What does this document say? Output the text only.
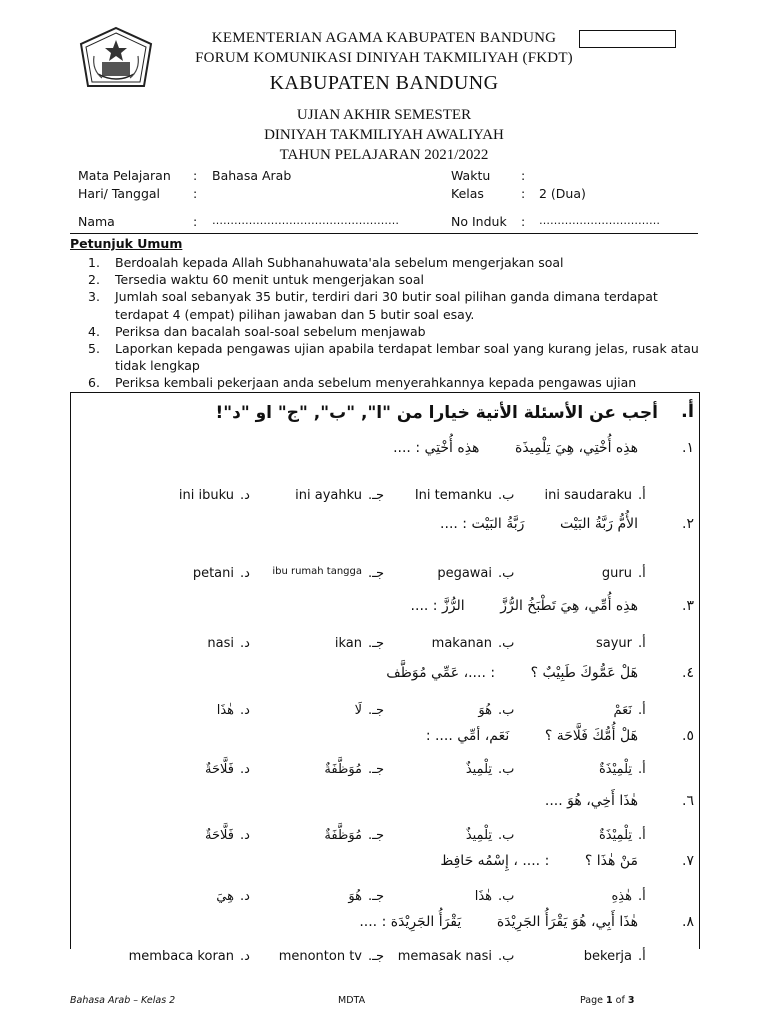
KEMENTERIAN AGAMA KABUPATEN BANDUNG
FORUM KOMUNIKASI DINIYAH TAKMILIYAH (FKDT)
KABUPATEN BANDUNG
UJIAN AKHIR SEMESTER
DINIYAH TAKMILIYAH AWALIYAH
TAHUN PELAJARAN 2021/2022
Mata Pelajaran : Bahasa Arab
Hari/ Tanggal	:
Nama	: ……………………………………………
Waktu :
Kelas	: 2 (Dua)
No Induk : ……………………………
Petunjuk Umum
1.	Berdoalah kepada Allah Subhanahuwata'ala sebelum mengerjakan soal
2.	Tersedia waktu 60 menit untuk mengerjakan soal
3.	Jumlah soal sebanyak 35 butir, terdiri dari 30 butir soal pilihan ganda dimana terdapat terdapat 4 (empat) pilihan jawaban dan 5 butir soal esay.
4.	Periksa dan bacalah soal-soal sebelum menjawab
5.	Laporkan kepada pengawas ujian apabila terdapat lembar soal yang kurang jelas, rusak atau tidak lengkap
6.	Periksa kembali pekerjaan anda sebelum menyerahkannya kepada pengawas ujian
أ.
أجب عن الأسئلة الأتية خيارا من "ا", "ب", "ج" او "د"!
١.
هذِه أُخْتِي، هِيَ تِلْمِيذَة        هذِه أُخْتِي : ....
أ.
ini saudaraku
ب.
Ini temanku
جـ.
ini ayahku
د.
ini ibuku
٢.
الأُمُّ رَبَّةُ البَيْت        رَبَّةُ البَيْت : ....
أ.
guru
ب.
pegawai
جـ.
ibu rumah tangga
د.
petani
٣.
هذِه أُمِّي، هِيَ تَطْبَخُ الرُّزَّ        الرُّزَّ : ....
أ.
sayur
ب.
makanan
جـ.
ikan
د.
nasi
٤.
هَلْ عَمُّوكَ طَبِيْبٌ ؟        : ....، عَمِّي مُوَظَّف
أ.
نَعَمْ
ب.
هُوَ
جـ.
لَا
د.
هٰذَا
٥.
هَلْ أُمُّكَ فَلَّاحَة ؟        نَعَم، أمِّي .... :
أ.
تِلْمِيْذَةٌ
ب.
تِلْمِيذٌ
جـ.
مُوَظَّفَةٌ
د.
فَلَّاحَةٌ
٦.
هٰذَا أَخِي، هُوَ ....
أ.
تِلْمِيْذَةٌ
ب.
تِلْمِيذٌ
جـ.
مُوَظَّفَةٌ
د.
فَلَّاحَةٌ
٧.
مَنْ هٰذَا ؟        : .... ، إِسْمُه حَافِظ
أ.
هٰذِهِ
ب.
هٰذَا
جـ.
هُوَ
د.
هِيَ
٨.
هٰذَا أَبِي، هُوَ يَقْرَأُ الجَرِيْدَة        يَقْرَأُ الجَرِيْدَة : ....
أ.
bekerja
ب.
memasak nasi
جـ.
menonton tv
د.
membaca koran
Bahasa Arab – Kelas 2	MDTA	Page 1 of 3
